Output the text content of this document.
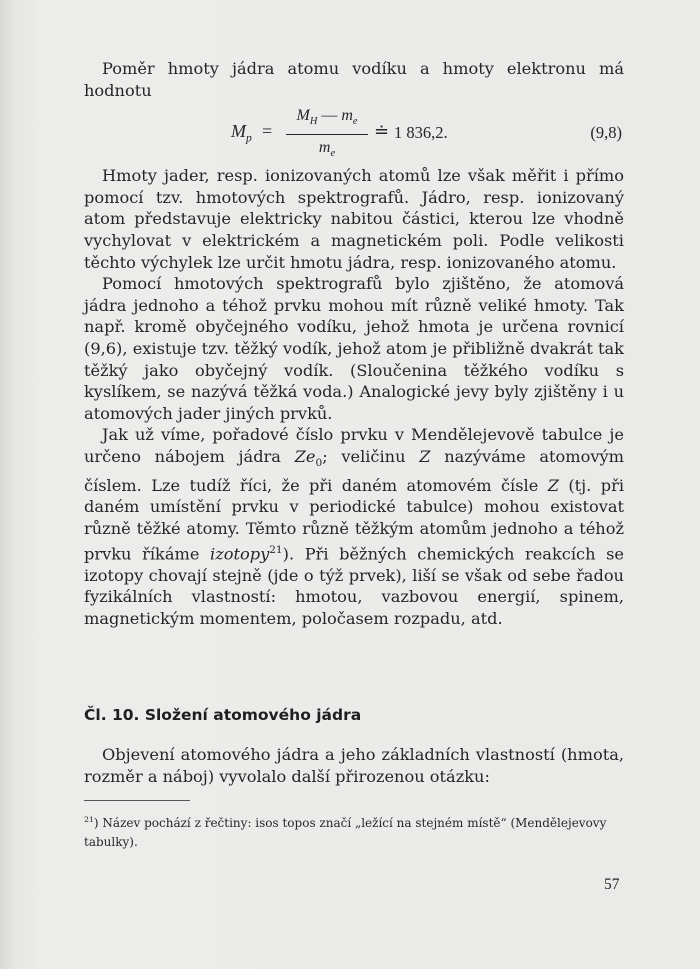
Poměr hmoty jádra atomu vodíku a hmoty elektronu má hodnotu

$M_p = \frac{M_H — m_e}{m_e}$ ≐ 1 836,2.	(9,8)

Hmoty jader, resp. ionizovaných atomů lze však měřit i přímo pomocí tzv. hmotových spektrografů. Jádro, resp. ionizovaný atom představuje elektricky nabitou částici, kterou lze vhodně vychylovat v elektrickém a magnetickém poli. Podle velikosti těchto výchylek lze určit hmotu jádra, resp. ionizovaného atomu.

Pomocí hmotových spektrografů bylo zjištěno, že atomová jádra jednoho a téhož prvku mohou mít různě veliké hmoty. Tak např. kromě obyčejného vodíku, jehož hmota je určena rovnicí (9,6), existuje tzv. těžký vodík, jehož atom je přibližně dvakrát tak těžký jako obyčejný vodík. (Sloučenina těžkého vodíku s kyslíkem, se nazývá těžká voda.) Analogické jevy byly zjištěny i u atomových jader jiných prvků.

Jak už víme, pořadové číslo prvku v Mendělejevově tabulce je určeno nábojem jádra $Ze_0$; veličinu Z nazýváme atomovým číslem. Lze tudíž říci, že při daném atomovém čísle Z (tj. při daném umístění prvku v periodické tabulce) mohou existovat různě těžké atomy. Těmto různě těžkým atomům jednoho a téhož prvku říkáme izotopy$^{21}$). Při běžných chemických reakcích se izotopy chovají stejně (jde o týž prvek), liší se však od sebe řadou fyzikálních vlastností: hmotou, vazbovou energií, spinem, magnetickým momentem, poločasem rozpadu, atd.

Čl. 10. Složení atomového jádra

Objevení atomového jádra a jeho základních vlastností (hmota, rozměr a náboj) vyvolalo další přirozenou otázku:

$^{21}$) Název pochází z řečtiny: isos topos značí „ležící na stejném místě“ (Mendělejevovy tabulky).
57
